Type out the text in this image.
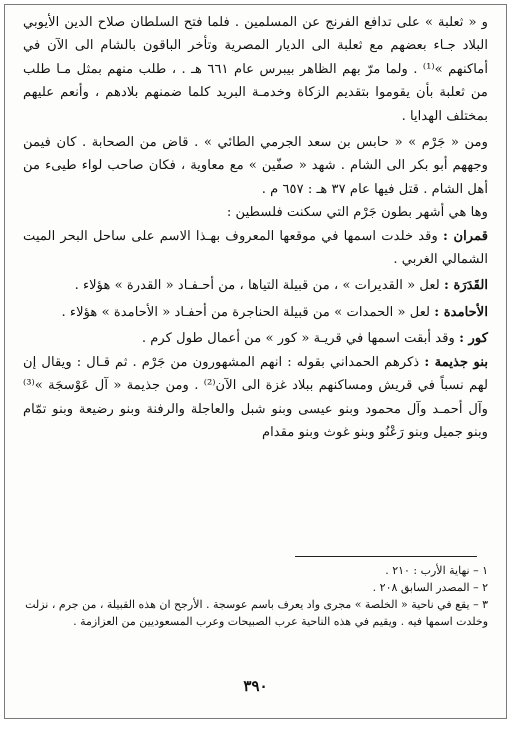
و « ثعلبة » على تدافع الفرنج عن المسلمين . فلما فتح السلطان صلاح الدين الأيوبي البلاد جـاء بعضهم مع ثعلبة الى الديار المصرية وتأخر الباقون بالشام الى الآن في أماكنهم »⁽¹⁾ . ولما مرّ بهم الظاهر بيبرس عام ٦٦١ هـ . ، طلب منهم بمثل مـا طلب من ثعلبة بأن يقوموا بتقديم الزكاة وخدمـة البريد كلما ضمنهم بلادهم ، وأنعم عليهم بمختلف الهدايا .

ومن « جَرْم » « حابس بن سعد الجرمي الطائي » . قاض من الصحابة . كان فيمن وجههم أبو بكر الى الشام . شهد « صفّين » مع معاوية ، فكان صاحب لواء طيىء من أهل الشام . قتل فيها عام ٣٧ هـ : ٦٥٧ م .

وها هي أشهر بطون جَرْم التي سكنت فلسطين :

قمران : وقد خلدت اسمها في موقعها المعروف بهـذا الاسم على ساحل البحر الميت الشمالي الغربي .

القَدَرَة : لعل « القديرات » ، من قبيلة التياها ، من أحـفـاد « القدرة » هؤلاء .

الأحامدة : لعل « الحمدات » من قبيلة الحناجرة من أحفـاد « الأحامدة » هؤلاء .

كور : وقد أبقت اسمها في قريـة « كور » من أعمال طول كرم .

بنو جذيمة : ذكرهم الحمداني بقوله : انهم المشهورون من جَرْم . ثم قـال : ويقال إن لهم نسباً في قريش ومساكنهم ببلاد غزة الى الآن⁽²⁾ . ومن جذيمة « آل عَوْسجَة »⁽³⁾ وآل أحمـد وآل محمود وبنو عيسى وبنو شبل والعاجلة والرفنة وبنو رضيعة وبنو تمّام وبنو جميل وبنو رَعْنُو وبنو غوث وبنو مقدام

١ – نهاية الأرب : ٢١٠ .

٢ – المصدر السابق ٢٠٨ .

٣ – يقع في ناحية « الخلصة » مجرى واد يعرف باسم عوسجة . الأرجح ان هذه القبيلة ، من جرم ، نزلت وخلدت اسمها فيه . ويقيم في هذه الناحية عرب الصبيحات وعرب المسعوديين من العزازمة .

٣٩٠
